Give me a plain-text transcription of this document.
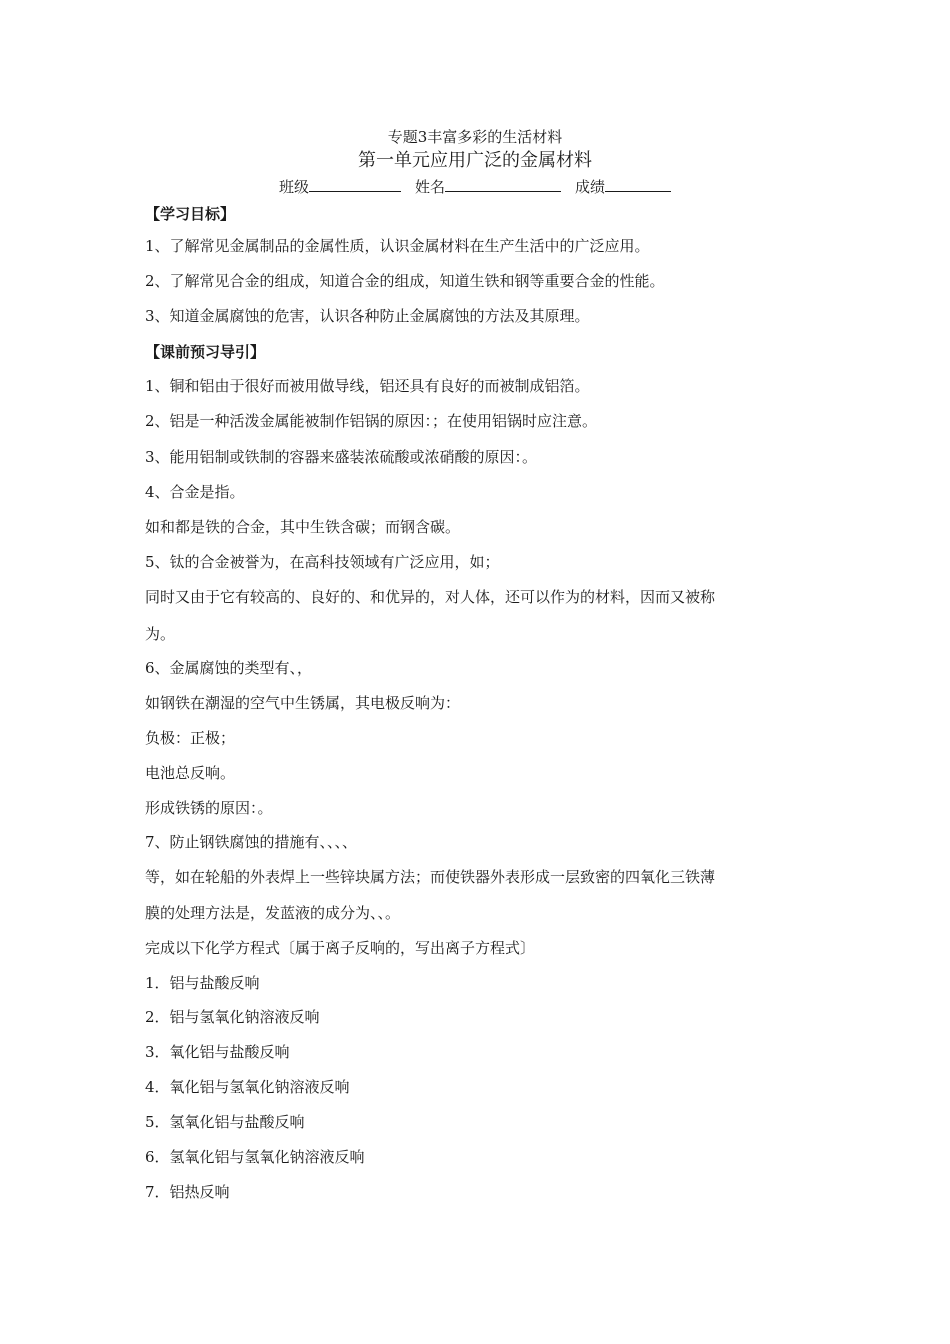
专题3丰富多彩的生活材料
第一单元应用广泛的金属材料
班级	姓名	成绩
【学习目标】
1、了解常见金属制品的金属性质，认识金属材料在生产生活中的广泛应用。
2、了解常见合金的组成，知道合金的组成，知道生铁和钢等重要合金的性能。
3、知道金属腐蚀的危害，认识各种防止金属腐蚀的方法及其原理。
【课前预习导引】
1、铜和铝由于很好而被用做导线，铝还具有良好的而被制成铝箔。
2、铝是一种活泼金属能被制作铝锅的原因：；在使用铝锅时应注意。
3、能用铝制或铁制的容器来盛装浓硫酸或浓硝酸的原因：。
4、合金是指。
如和都是铁的合金，其中生铁含碳；而钢含碳。
5、钛的合金被誉为，在高科技领域有广泛应用，如；
同时又由于它有较高的、良好的、和优异的，对人体，还可以作为的材料，因而又被称
为。
6、金属腐蚀的类型有、，
如钢铁在潮湿的空气中生锈属，其电极反响为：
负极：正极；
电池总反响。
形成铁锈的原因：。
7、防止钢铁腐蚀的措施有、、、、
等，如在轮船的外表焊上一些锌块属方法；而使铁器外表形成一层致密的四氧化三铁薄
膜的处理方法是，发蓝液的成分为、、。
完成以下化学方程式〔属于离子反响的，写出离子方程式〕
1．铝与盐酸反响
2．铝与氢氧化钠溶液反响
3．氧化铝与盐酸反响
4．氧化铝与氢氧化钠溶液反响
5．氢氧化铝与盐酸反响
6．氢氧化铝与氢氧化钠溶液反响
7．铝热反响
